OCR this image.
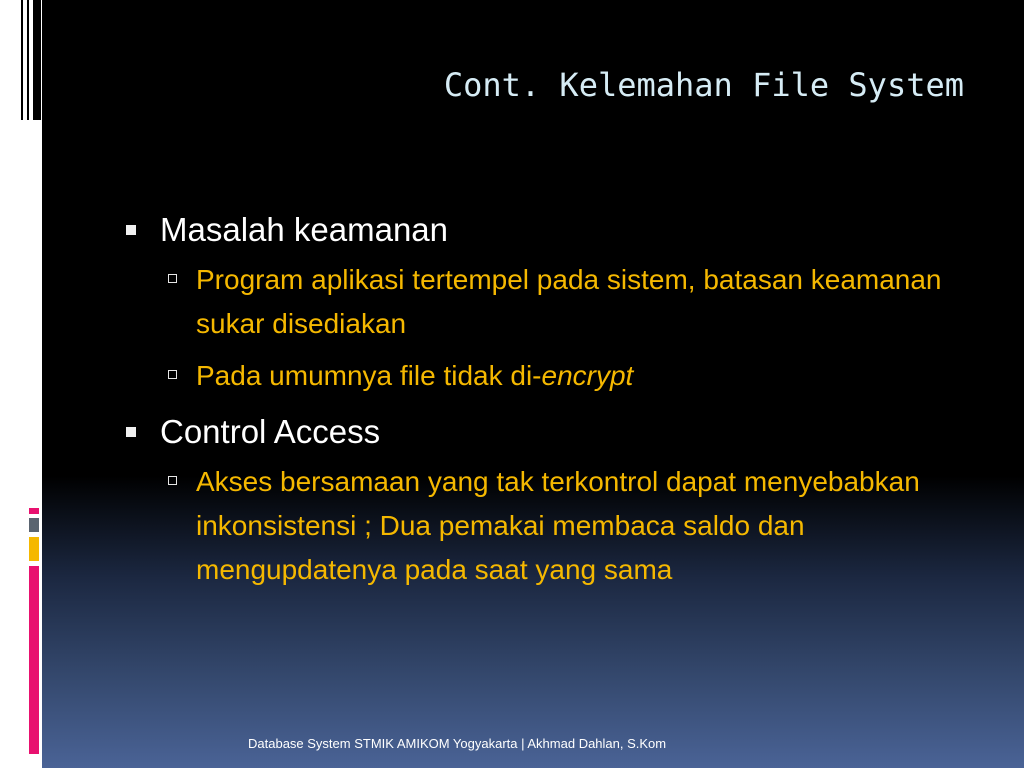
Cont. Kelemahan File System
Masalah keamanan
Program aplikasi tertempel pada sistem, batasan keamanan sukar disediakan
Pada umumnya file tidak di-encrypt
Control Access
Akses bersamaan yang tak terkontrol dapat menyebabkan inkonsistensi ; Dua pemakai membaca saldo dan mengupdatenya pada saat yang sama
Database System STMIK AMIKOM Yogyakarta | Akhmad Dahlan, S.Kom
